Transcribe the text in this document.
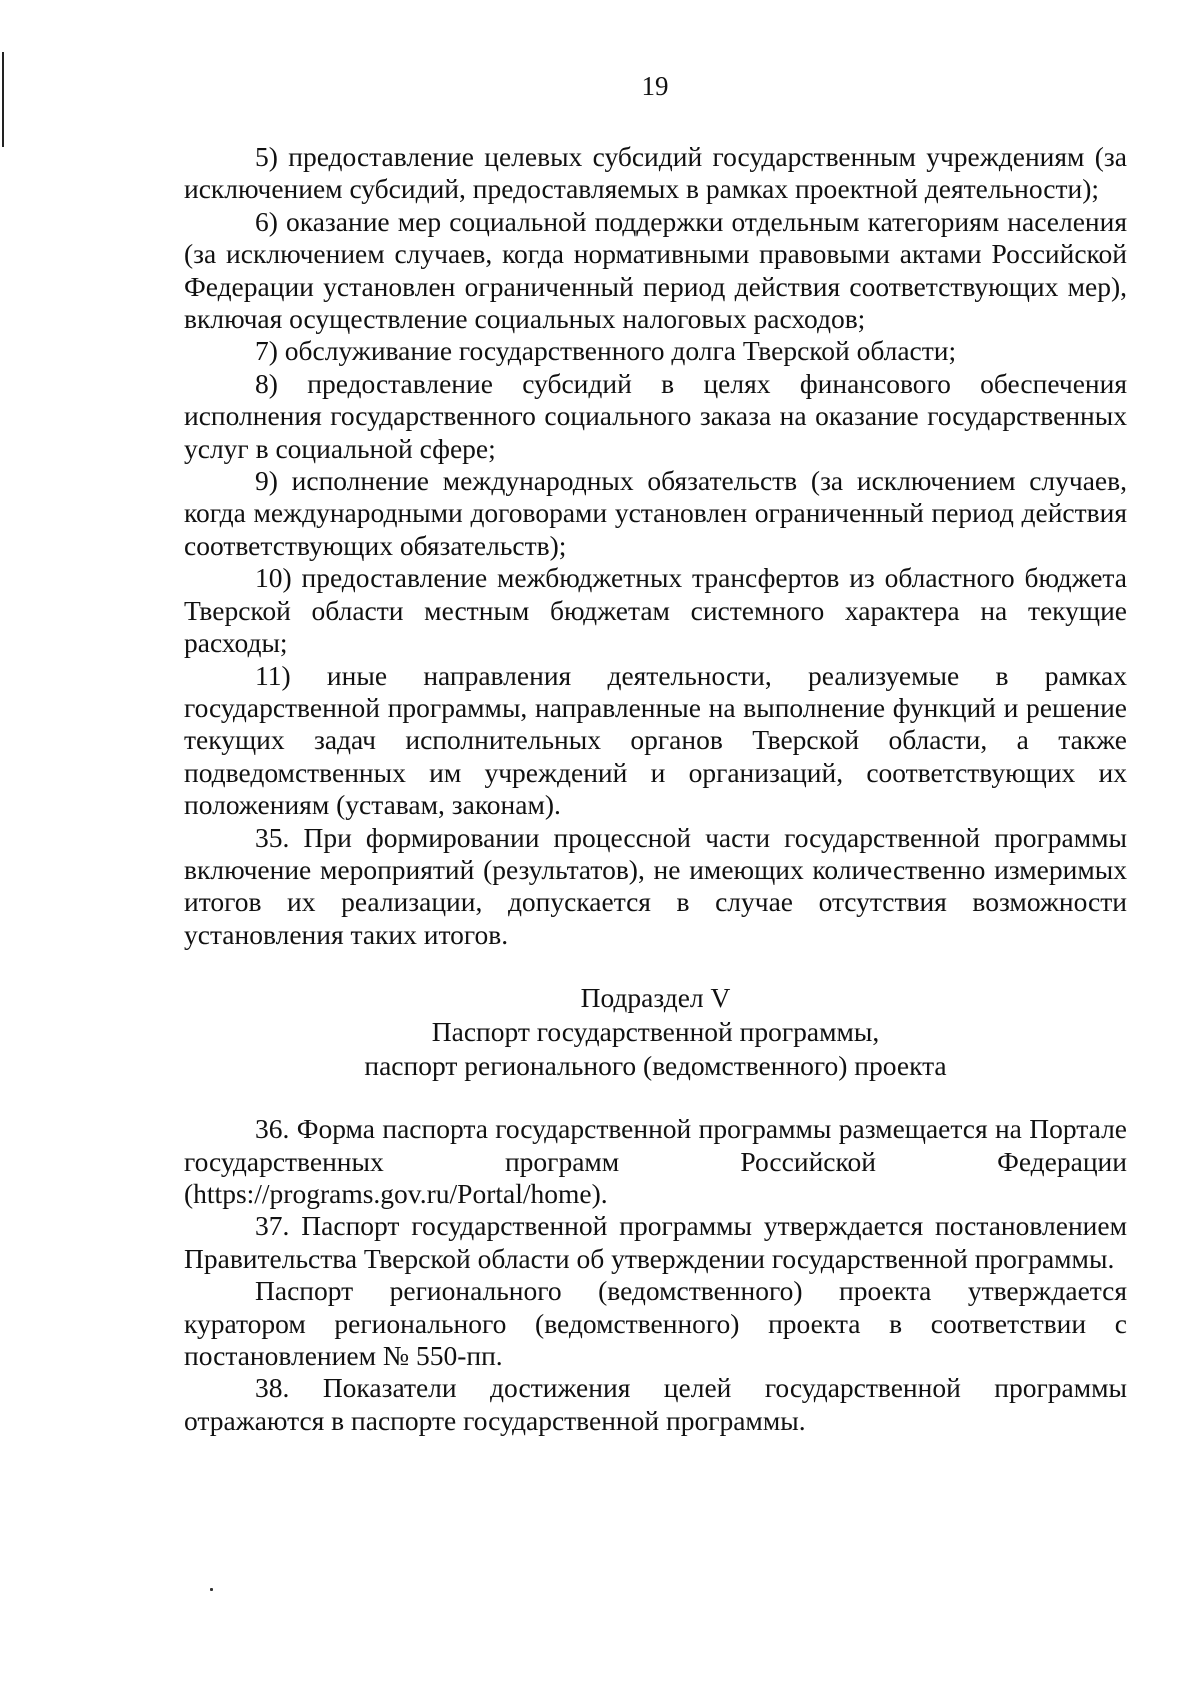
19

5) предоставление целевых субсидий государственным учреждениям (за исключением субсидий, предоставляемых в рамках проектной деятельности);

6) оказание мер социальной поддержки отдельным категориям населения (за исключением случаев, когда нормативными правовыми актами Российской Федерации установлен ограниченный период действия соответствующих мер), включая осуществление социальных налоговых расходов;

7) обслуживание государственного долга Тверской области;

8) предоставление субсидий в целях финансового обеспечения исполнения государственного социального заказа на оказание государственных услуг в социальной сфере;

9) исполнение международных обязательств (за исключением случаев, когда международными договорами установлен ограниченный период действия соответствующих обязательств);

10) предоставление межбюджетных трансфертов из областного бюджета Тверской области местным бюджетам системного характера на текущие расходы;

11) иные направления деятельности, реализуемые в рамках государственной программы, направленные на выполнение функций и решение текущих задач исполнительных органов Тверской области, а также подведомственных им учреждений и организаций, соответствующих их положениям (уставам, законам).

35. При формировании процессной части государственной программы включение мероприятий (результатов), не имеющих количественно измеримых итогов их реализации, допускается в случае отсутствия возможности установления таких итогов.

Подраздел V

Паспорт государственной программы,

паспорт регионального (ведомственного) проекта

36. Форма паспорта государственной программы размещается на Портале государственных программ Российской Федерации (https://programs.gov.ru/Portal/home).

37. Паспорт государственной программы утверждается постановлением Правительства Тверской области об утверждении государственной программы.

Паспорт регионального (ведомственного) проекта утверждается куратором регионального (ведомственного) проекта в соответствии с постановлением № 550-пп.

38. Показатели достижения целей государственной программы отражаются в паспорте государственной программы.
